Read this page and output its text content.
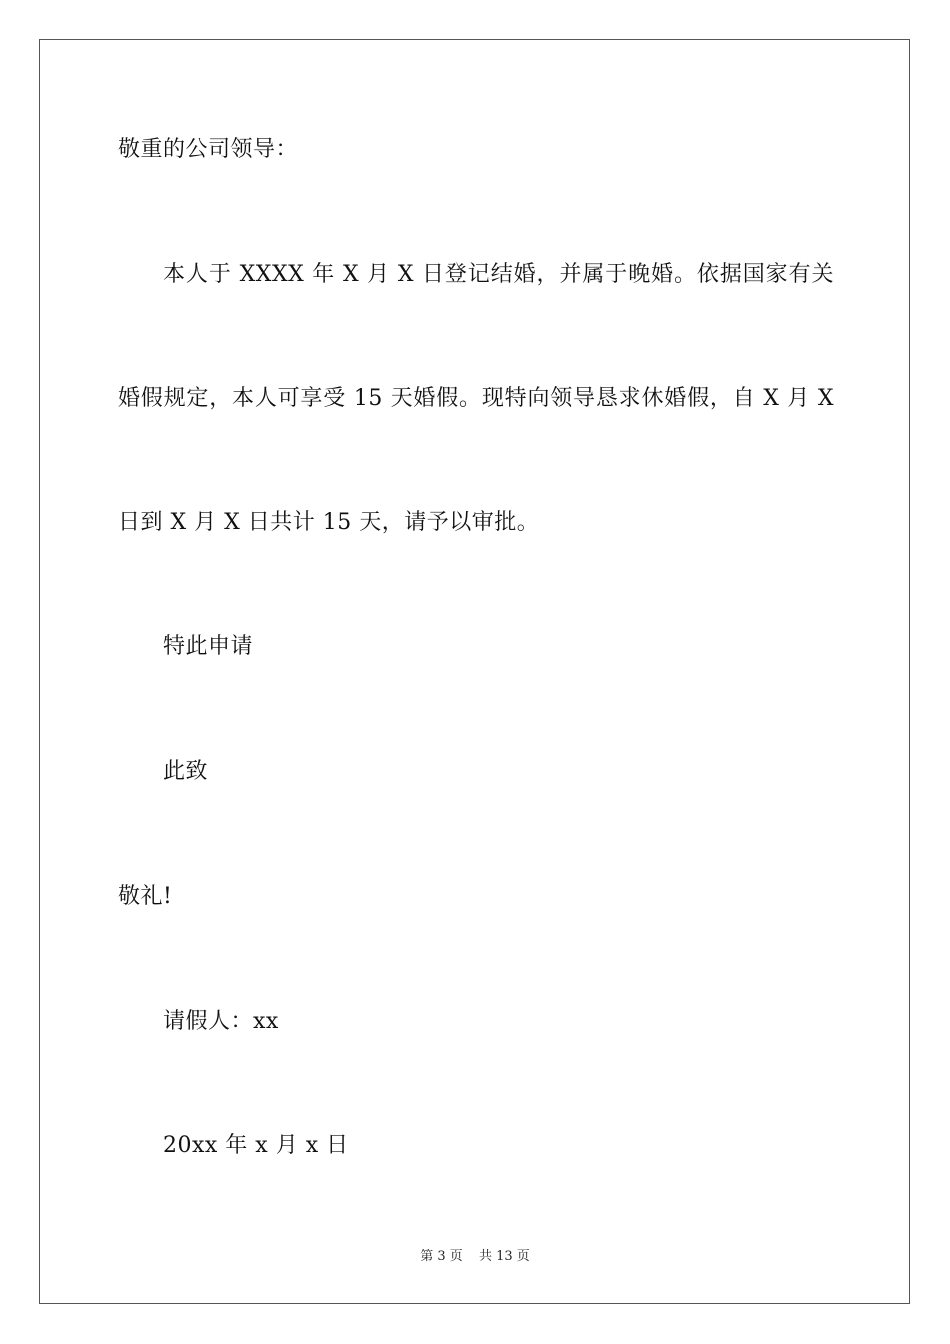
敬重的公司领导：
本人于 XXXX 年 X 月 X 日登记结婚，并属于晚婚。依据国家有关
婚假规定，本人可享受 15 天婚假。现特向领导恳求休婚假，自 X 月 X
日到 X 月 X 日共计 15 天，请予以审批。
特此申请
此致
敬礼!
请假人：xx
20xx 年 x 月 x 日
第 3 页 共 13 页
